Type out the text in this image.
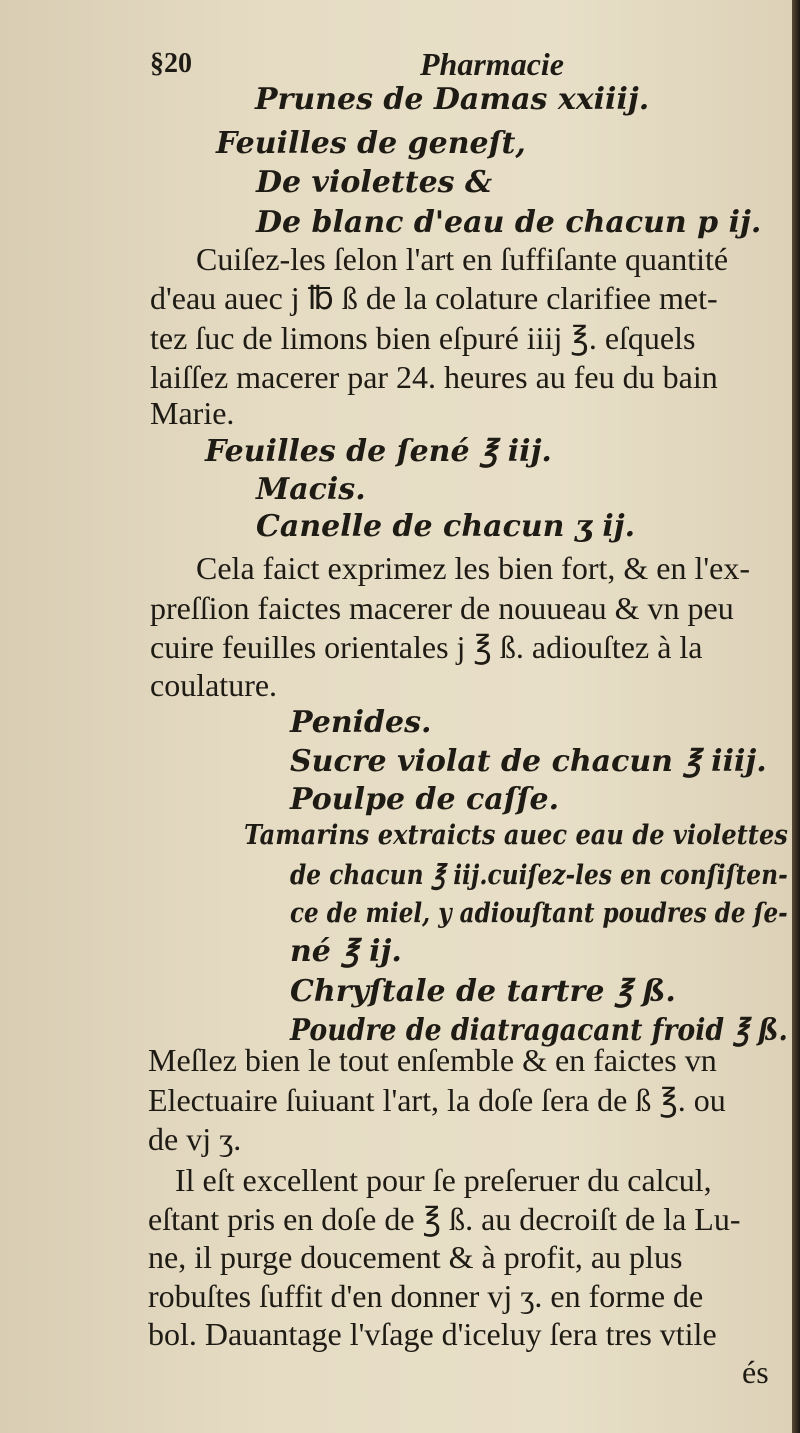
§20	Pharmacie
Prunes de Damas xxiiij.
Feuilles de geneſt,
De violettes &
De blanc d'eau de chacun p ij.
Cuiſez-les ſelon l'art en ſuffiſante quantité
d'eau auec j ℔ ß de la colature clarifiee met-
tez ſuc de limons bien eſpuré iiij ℥. eſquels
laiſſez macerer par 24. heures au feu du bain
Marie.
Feuilles de ſené ℥ iij.
Macis.
Canelle de chacun ʒ ij.
Cela faict exprimez les bien fort, & en l'ex-
preſſion faictes macerer de nouueau & vn peu
cuire feuilles orientales j ℥ ß. adiouſtez à la
coulature.
Penides.
Sucre violat de chacun ℥ iiij.
Poulpe de caſſe.
Tamarins extraicts auec eau de violettes
de chacun ℥ iij.cuiſez-les en conſiſten-
ce de miel, y adiouſtant poudres de ſe-
né ℥ ij.
Chryſtale de tartre ℥ ß.
Poudre de diatragacant froid ℥ ß.
Meſlez bien le tout enſemble & en faictes vn
Electuaire ſuiuant l'art, la doſe ſera de ß ℥. ou
de vj ʒ.
Il eſt excellent pour ſe preſeruer du calcul,
eſtant pris en doſe de ℥ ß. au decroiſt de la Lu-
ne, il purge doucement & à profit, au plus
robuſtes ſuffit d'en donner vj ʒ. en forme de
bol. Dauantage l'vſage d'iceluy ſera tres vtile
és
